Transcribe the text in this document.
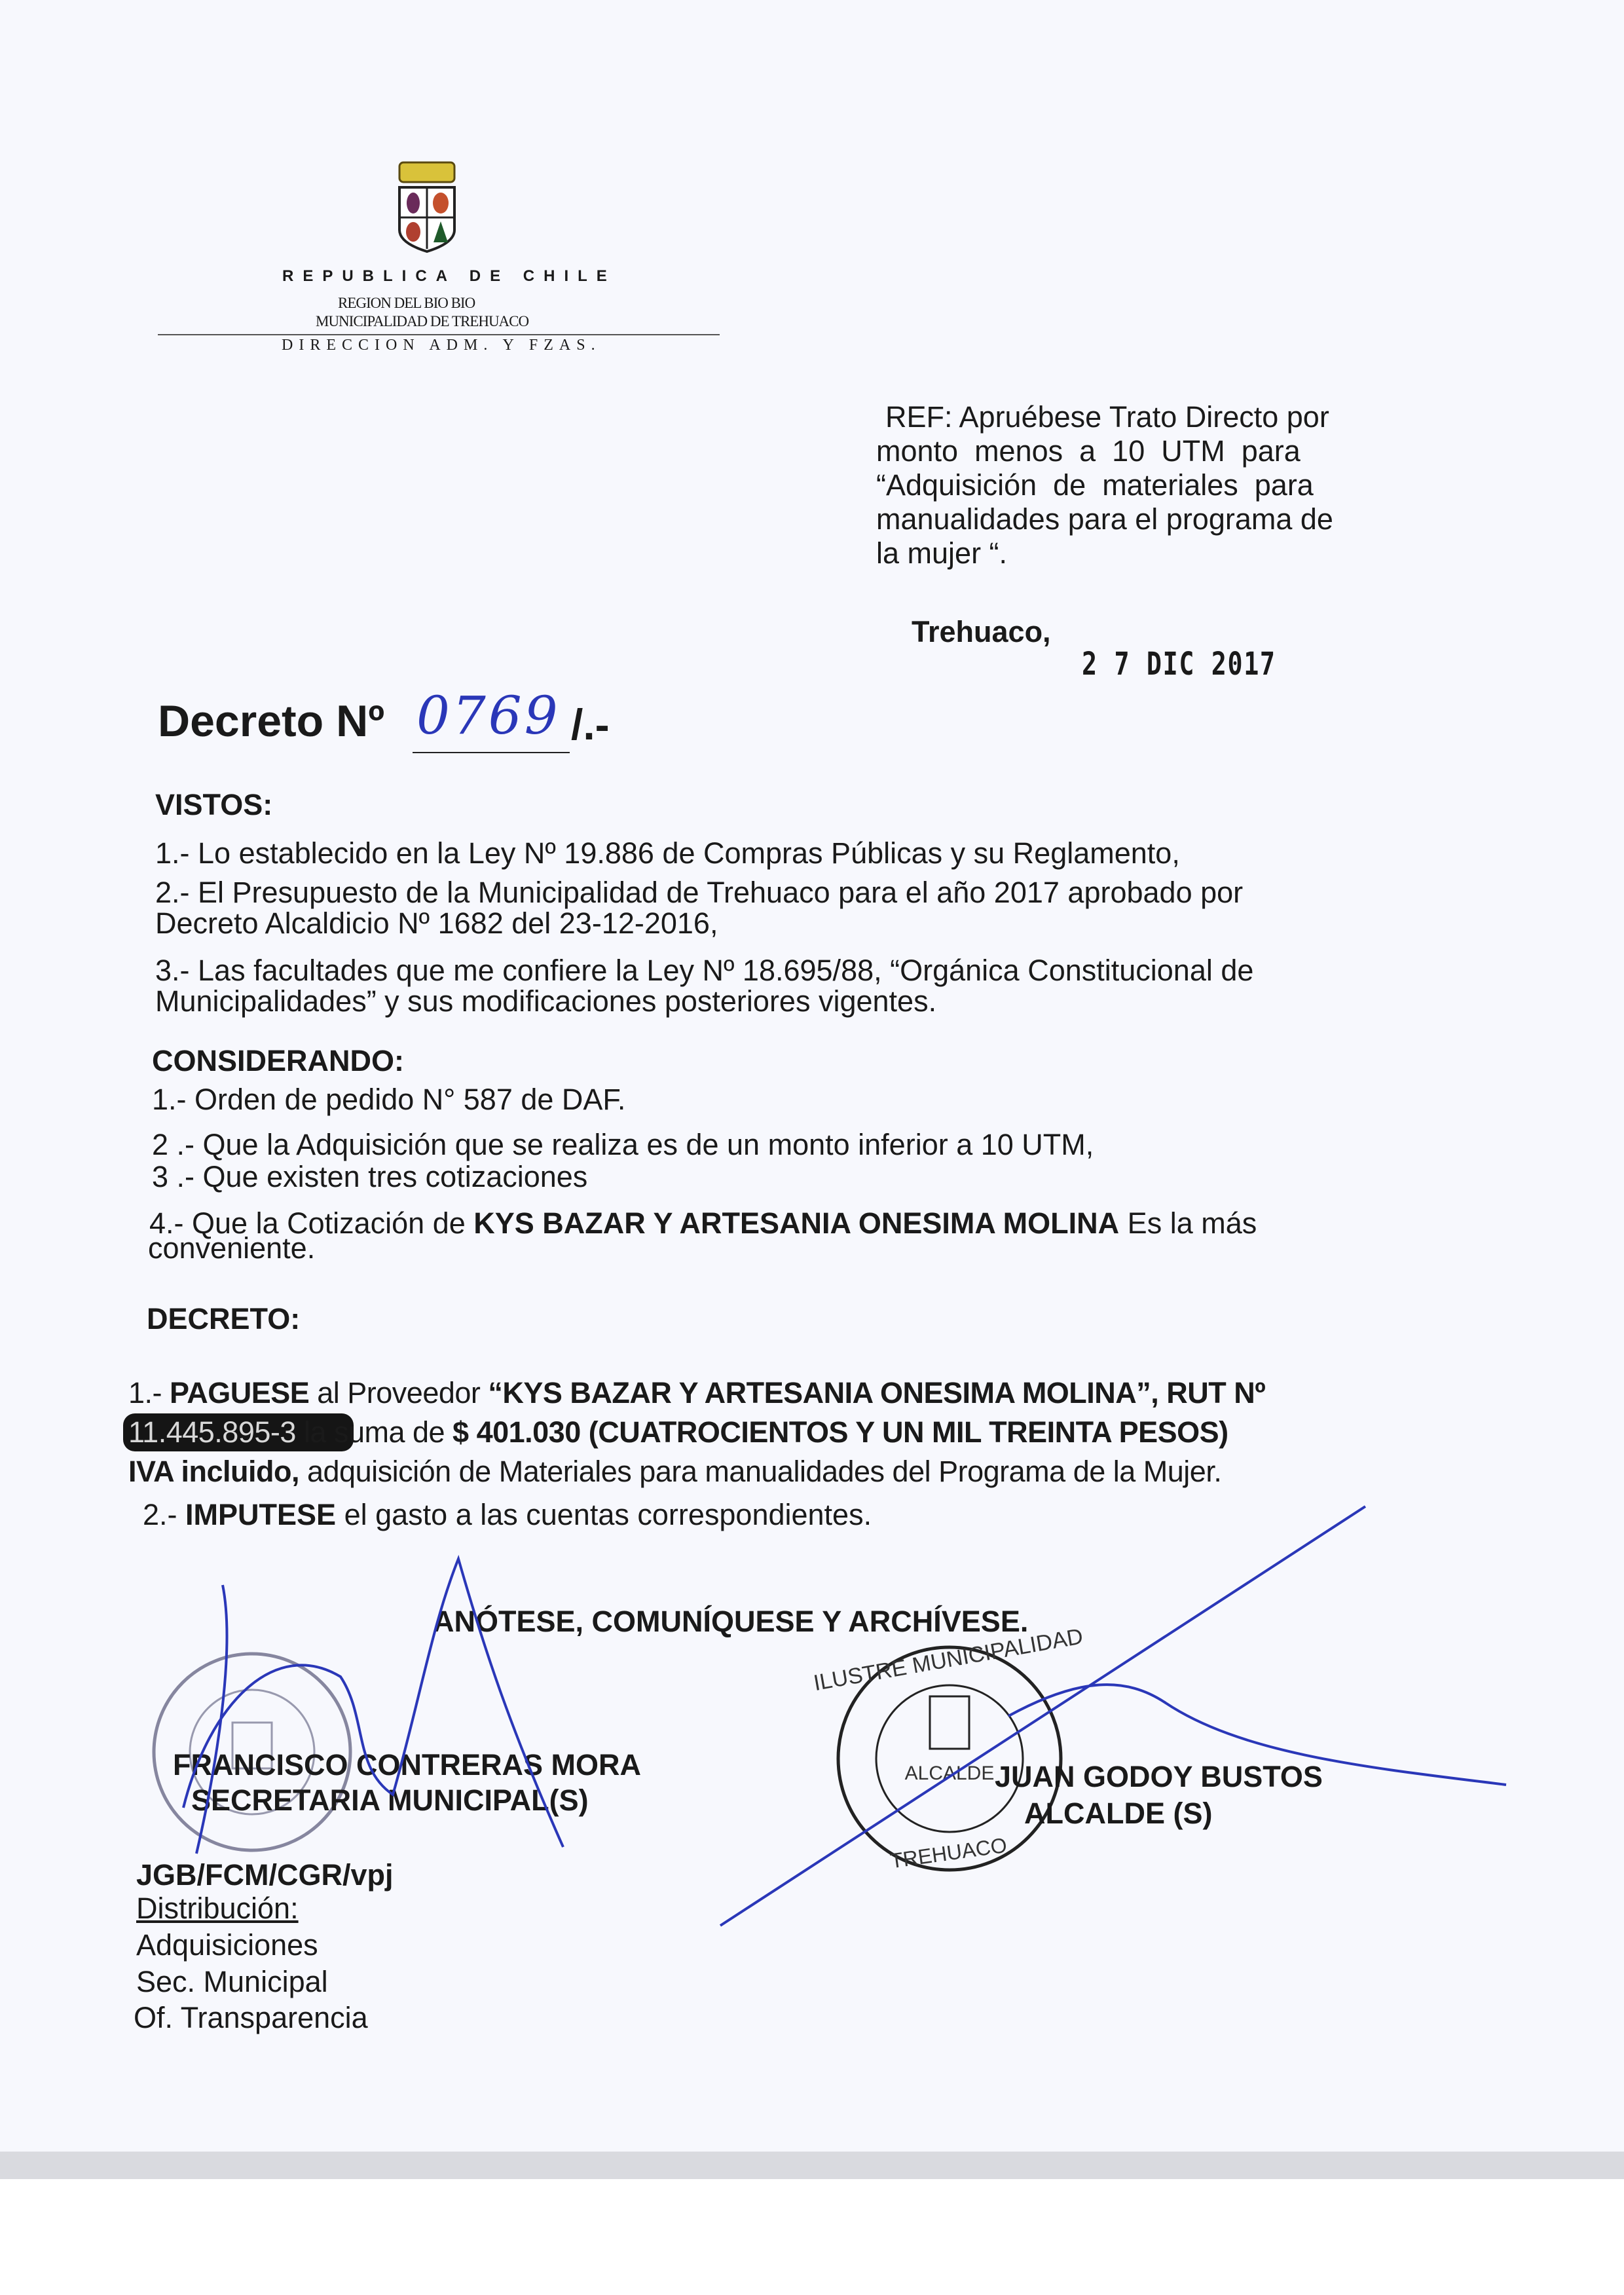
REPUBLICA DE CHILE
REGION DEL BIO BIO
MUNICIPALIDAD DE TREHUACO
DIRECCION ADM. Y FZAS.
REF: Apruébese Trato Directo por
monto  menos  a  10  UTM  para
“Adquisición  de  materiales  para
manualidades para el programa de
la mujer “.
Trehuaco,
2 7 DIC 2017
Decreto Nº 0769 /.-
VISTOS:
1.- Lo establecido en la Ley Nº 19.886 de Compras Públicas y su Reglamento,
2.- El Presupuesto de la Municipalidad de Trehuaco para el año 2017 aprobado por
Decreto Alcaldicio Nº 1682 del 23-12-2016,
3.- Las facultades que me confiere la Ley Nº 18.695/88, “Orgánica Constitucional de
Municipalidades” y sus modificaciones posteriores vigentes.
CONSIDERANDO:
1.- Orden de pedido N° 587 de DAF.
2 .- Que la Adquisición que se realiza es de un monto inferior a 10 UTM,
3 .- Que existen tres cotizaciones
4.- Que la Cotización de KYS BAZAR Y ARTESANIA ONESIMA MOLINA Es la más
conveniente.
DECRETO:
1.- PAGUESE al Proveedor “KYS BAZAR Y ARTESANIA ONESIMA MOLINA”, RUT Nº
11.445.895-3 la suma de $ 401.030 (CUATROCIENTOS Y UN MIL TREINTA PESOS)
IVA incluido, adquisición de Materiales para manualidades del Programa de la Mujer.
2.- IMPUTESE el gasto a las cuentas correspondientes.
ANÓTESE, COMUNÍQUESE Y ARCHÍVESE.
ALCALDE
TREHUACO
ILUSTRE MUNICIPALIDAD
FRANCISCO CONTRERAS MORA
SECRETARIA MUNICIPAL(S)
JUAN GODOY BUSTOS
ALCALDE (S)
JGB/FCM/CGR/vpj
Distribución:
Adquisiciones
Sec. Municipal
Of. Transparencia
